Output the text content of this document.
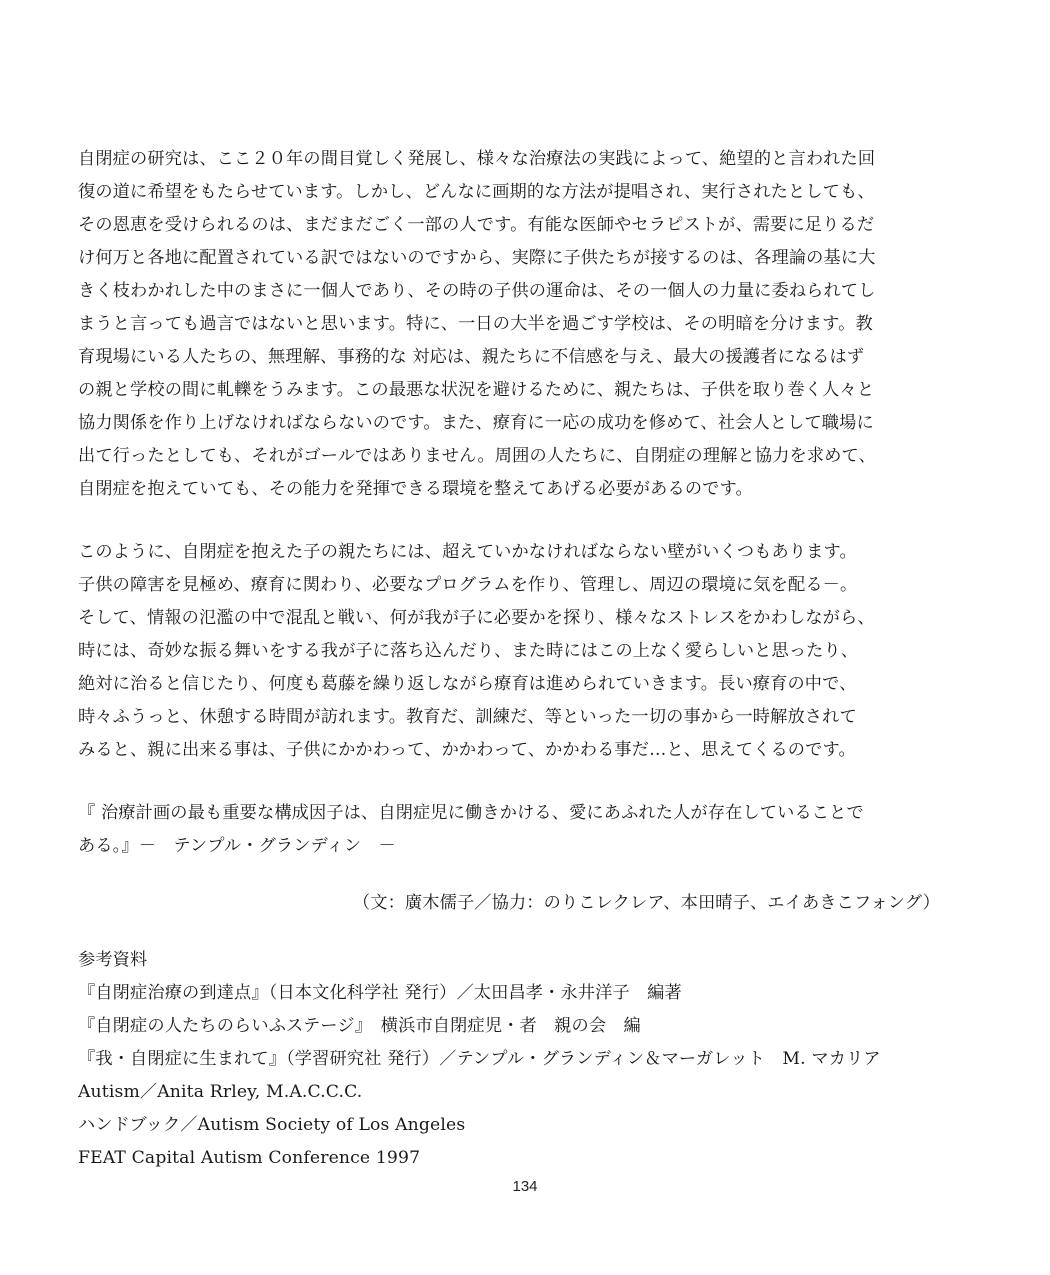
自閉症の研究は、ここ２０年の間目覚しく発展し、様々な治療法の実践によって、絶望的と言われた回
復の道に希望をもたらせています。しかし、どんなに画期的な方法が提唱され、実行されたとしても、
その恩恵を受けられるのは、まだまだごく一部の人です。有能な医師やセラピストが、需要に足りるだ
け何万と各地に配置されている訳ではないのですから、実際に子供たちが接するのは、各理論の基に大
きく枝わかれした中のまさに一個人であり、その時の子供の運命は、その一個人の力量に委ねられてし
まうと言っても過言ではないと思います。特に、一日の大半を過ごす学校は、その明暗を分けます。教
育現場にいる人たちの、無理解、事務的な 対応は、親たちに不信感を与え、最大の援護者になるはず
の親と学校の間に軋轢をうみます。この最悪な状況を避けるために、親たちは、子供を取り巻く人々と
協力関係を作り上げなければならないのです。また、療育に一応の成功を修めて、社会人として職場に
出て行ったとしても、それがゴールではありません。周囲の人たちに、自閉症の理解と協力を求めて、
自閉症を抱えていても、その能力を発揮できる環境を整えてあげる必要があるのです。
このように、自閉症を抱えた子の親たちには、超えていかなければならない壁がいくつもあります。
子供の障害を見極め、療育に関わり、必要なプログラムを作り、管理し、周辺の環境に気を配る－。
そして、情報の氾濫の中で混乱と戦い、何が我が子に必要かを探り、様々なストレスをかわしながら、
時には、奇妙な振る舞いをする我が子に落ち込んだり、また時にはこの上なく愛らしいと思ったり、
絶対に治ると信じたり、何度も葛藤を繰り返しながら療育は進められていきます。長い療育の中で、
時々ふうっと、休憩する時間が訪れます。教育だ、訓練だ、等といった一切の事から一時解放されて
みると、親に出来る事は、子供にかかわって、かかわって、かかわる事だ…と、思えてくるのです。
『 治療計画の最も重要な構成因子は、自閉症児に働きかける、愛にあふれた人が存在していることで
ある。』－　テンプル・グランディン　－
（文：廣木儒子／協力：のりこレクレア、本田晴子、エイあきこフォング）
参考資料
『自閉症治療の到達点』（日本文化科学社 発行）／太田昌孝・永井洋子　編著
『自閉症の人たちのらいふステージ』　横浜市自閉症児・者　親の会　編
『我・自閉症に生まれて』（学習研究社 発行）／テンプル・グランディン＆マーガレット　M. マカリア
Autism／Anita Rrley, M.A.C.C.C.
ハンドブック／Autism Society of Los Angeles
FEAT Capital Autism Conference 1997
134
